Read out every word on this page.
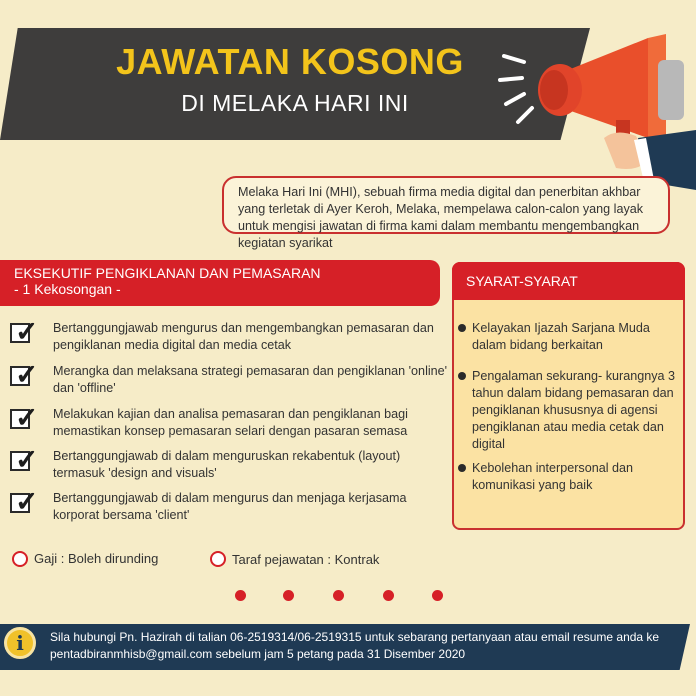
JAWATAN KOSONG
DI MELAKA HARI INI
Melaka Hari Ini (MHI), sebuah firma media digital dan penerbitan akhbar yang terletak di Ayer Keroh, Melaka, mempelawa calon-calon yang layak untuk mengisi jawatan di firma kami dalam membantu mengembangkan kegiatan syarikat
EKSEKUTIF PENGIKLANAN DAN PEMASARAN
- 1 Kekosongan -
✓ Bertanggungjawab mengurus dan mengembangkan pemasaran dan pengiklanan media digital dan media cetak
✓ Merangka dan melaksana strategi pemasaran dan pengiklanan 'online' dan 'offline'
✓ Melakukan kajian dan analisa pemasaran dan pengiklanan bagi memastikan konsep pemasaran selari dengan pasaran semasa
✓ Bertanggungjawab di dalam menguruskan rekabentuk (layout) termasuk 'design and visuals'
✓ Bertanggungjawab di dalam mengurus dan menjaga kerjasama korporat bersama 'client'
SYARAT-SYARAT
Kelayakan Ijazah Sarjana Muda dalam bidang berkaitan
Pengalaman sekurang- kurangnya 3 tahun dalam bidang pemasaran dan pengiklanan khususnya di agensi pengiklanan atau media cetak dan digital
Kebolehan interpersonal dan komunikasi yang baik
Gaji : Boleh dirunding	Taraf pejawatan : Kontrak
i	Sila hubungi Pn. Hazirah di talian 06-2519314/06-2519315 untuk sebarang pertanyaan atau email resume anda ke pentadbiranmhisb@gmail.com sebelum jam 5 petang pada 31 Disember 2020
